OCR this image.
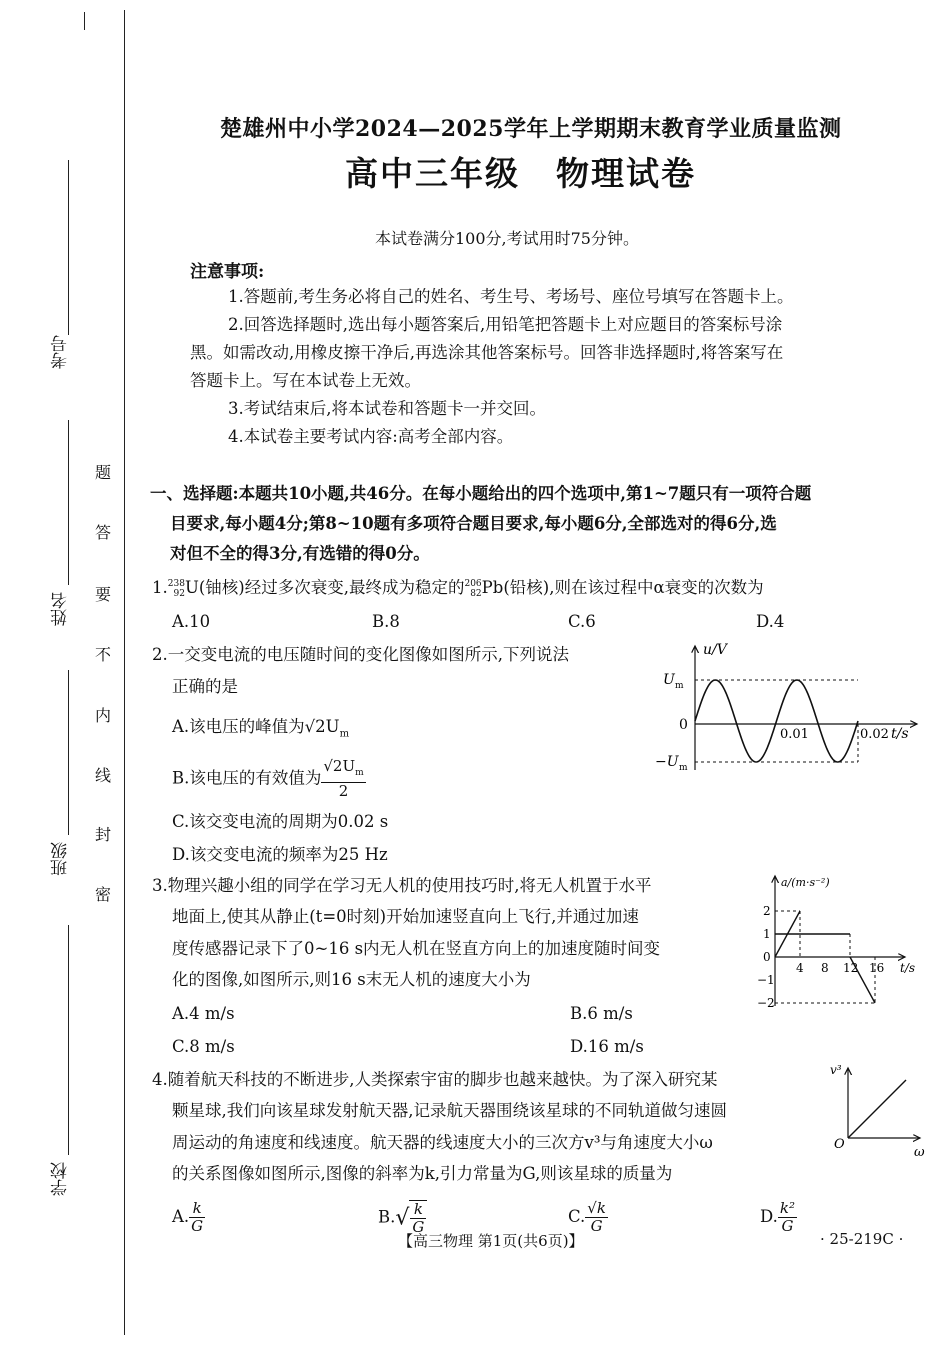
考号
姓名
班级
学校
题
答
要
不
内
线
封
密
楚雄州中小学2024—2025学年上学期期末教育学业质量监测
高中三年级 物理试卷
本试卷满分100分,考试用时75分钟。
注意事项:
1.答题前,考生务必将自己的姓名、考生号、考场号、座位号填写在答题卡上。
2.回答选择题时,选出每小题答案后,用铅笔把答题卡上对应题目的答案标号涂
黑。如需改动,用橡皮擦干净后,再选涂其他答案标号。回答非选择题时,将答案写在
答题卡上。写在本试卷上无效。
3.考试结束后,将本试卷和答题卡一并交回。
4.本试卷主要考试内容:高考全部内容。
一、选择题:本题共10小题,共46分。在每小题给出的四个选项中,第1~7题只有一项符合题
目要求,每小题4分;第8~10题有多项符合题目要求,每小题6分,全部选对的得6分,选
对但不全的得3分,有选错的得0分。
1. 238
92 U(铀核)经过多次衰变,最终成为稳定的 206
82 Pb(铅核),则在该过程中α衰变的次数为
A.10	B.8	C.6	D.4
2.一交变电流的电压随时间的变化图像如图所示,下列说法
正确的是
A.该电压的峰值为$√2U_m$
B.该电压的有效值为 $\frac{√2U_m}{2}$
C.该交变电流的周期为0.02 s
D.该交变电流的频率为25 Hz
u/V
U m
0
−U m
0.01	0.02 t/s
3.物理兴趣小组的同学在学习无人机的使用技巧时,将无人机置于水平
地面上,使其从静止(t=0时刻)开始加速竖直向上飞行,并通过加速
度传感器记录下了0~16 s内无人机在竖直方向上的加速度随时间变
化的图像,如图所示,则16 s末无人机的速度大小为
A.4 m/s	B.6 m/s
C.8 m/s	D.16 m/s
a/(m·s⁻²)
2
1
0
−1
−2
4 8 12 16 t/s
4.随着航天科技的不断进步,人类探索宇宙的脚步也越来越快。为了深入研究某
颗星球,我们向该星球发射航天器,记录航天器围绕该星球的不同轨道做匀速圆
周运动的角速度和线速度。航天器的线速度大小的三次方v³与角速度大小ω
的关系图像如图所示,图像的斜率为k,引力常量为G,则该星球的质量为
v³
O
ω
A. $\frac{k}{G}$	$B.√ \frac{k}{G}$	C. $\frac{√k}{G}$	D. $\frac{\text{k²}}{G}$
【高三物理 第1页(共6页)】	· 25-219C ·
